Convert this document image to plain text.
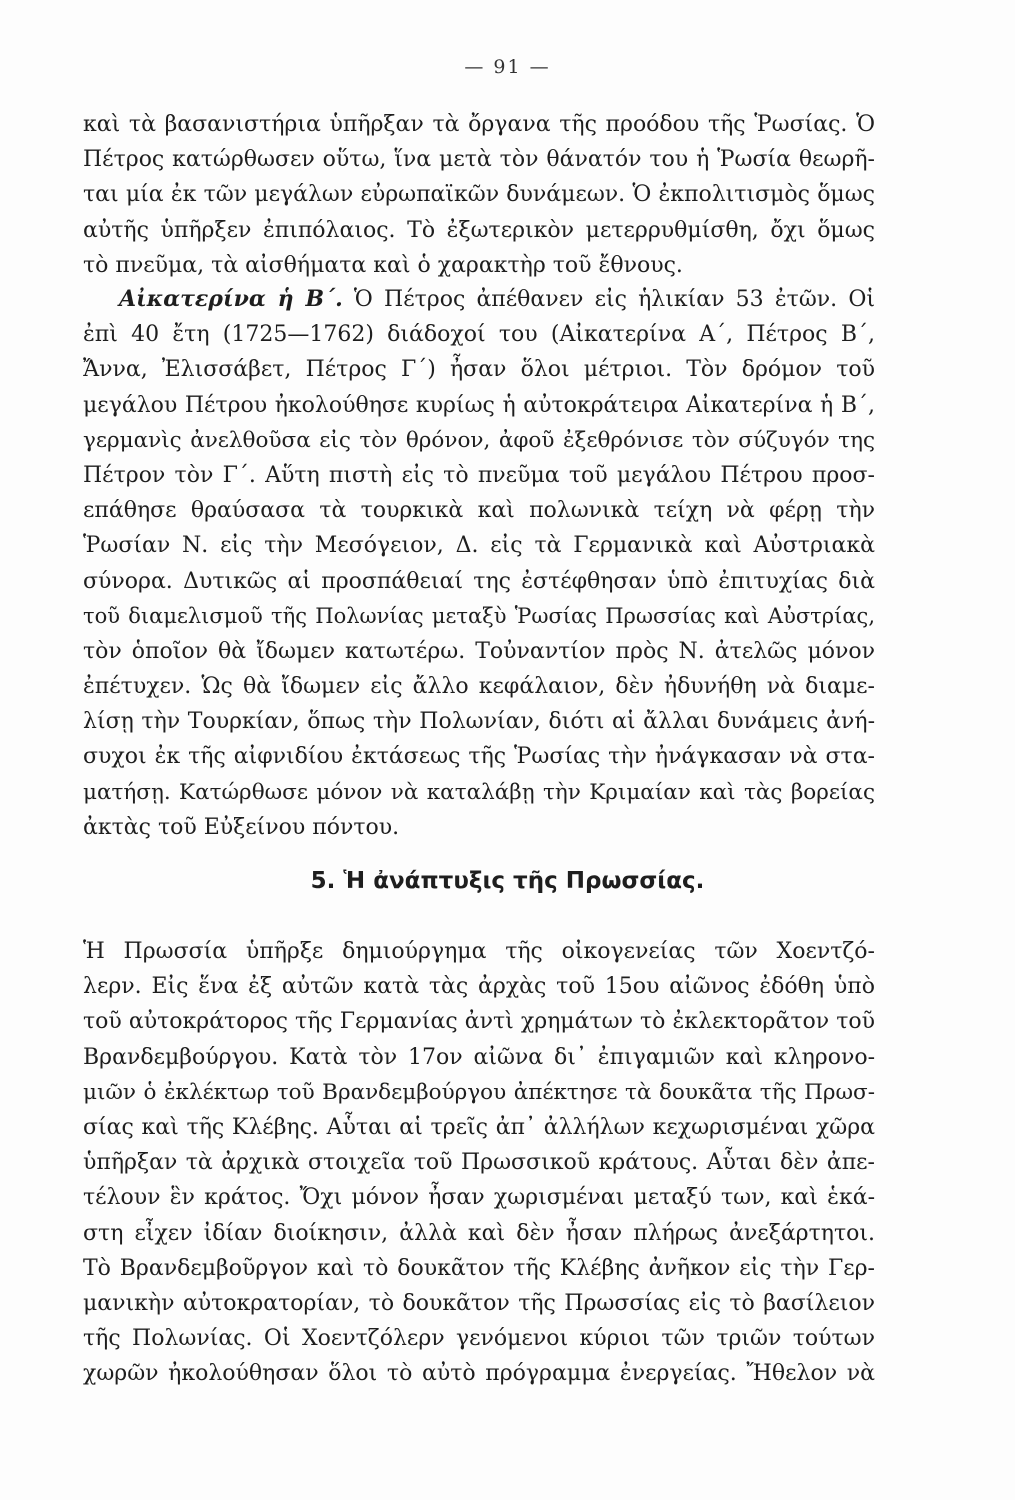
— 91 —
καὶ τὰ βασανιστήρια ὑπῆρξαν τὰ ὄργανα τῆς προόδου τῆς Ῥωσίας. Ὁ
Πέτρος κατώρθωσεν οὕτω, ἵνα μετὰ τὸν θάνατόν του ἡ Ῥωσία θεωρῆ-
ται μία ἐκ τῶν μεγάλων εὐρωπαϊκῶν δυνάμεων. Ὁ ἐκπολιτισμὸς ὅμως
αὐτῆς ὑπῆρξεν ἐπιπόλαιος. Τὸ ἐξωτερικὸν μετερρυθμίσθη, ὄχι ὅμως
τὸ πνεῦμα, τὰ αἰσθήματα καὶ ὁ χαρακτὴρ τοῦ ἔθνους.
Αἰκατερίνα ἡ Β΄. Ὁ Πέτρος ἀπέθανεν εἰς ἡλικίαν 53 ἐτῶν. Οἱ
ἐπὶ 40 ἔτη (1725—1762) διάδοχοί του (Αἰκατερίνα Α΄, Πέτρος Β΄,
Ἄννα, Ἐλισσάβετ, Πέτρος Γ΄) ἦσαν ὅλοι μέτριοι. Τὸν δρόμον τοῦ
μεγάλου Πέτρου ἠκολούθησε κυρίως ἡ αὐτοκράτειρα Αἰκατερίνα ἡ Β΄,
γερμανὶς ἀνελθοῦσα εἰς τὸν θρόνον, ἀφοῦ ἐξεθρόνισε τὸν σύζυγόν της
Πέτρον τὸν Γ΄. Αὕτη πιστὴ εἰς τὸ πνεῦμα τοῦ μεγάλου Πέτρου προσ-
επάθησε θραύσασα τὰ τουρκικὰ καὶ πολωνικὰ τείχη νὰ φέρῃ τὴν
Ῥωσίαν Ν. εἰς τὴν Μεσόγειον, Δ. εἰς τὰ Γερμανικὰ καὶ Αὐστριακὰ
σύνορα. Δυτικῶς αἱ προσπάθειαί της ἐστέφθησαν ὑπὸ ἐπιτυχίας διὰ
τοῦ διαμελισμοῦ τῆς Πολωνίας μεταξὺ Ῥωσίας Πρωσσίας καὶ Αὐστρίας,
τὸν ὁποῖον θὰ ἴδωμεν κατωτέρω. Τοὐναντίον πρὸς Ν. ἀτελῶς μόνον
ἐπέτυχεν. Ὡς θὰ ἴδωμεν εἰς ἄλλο κεφάλαιον, δὲν ἠδυνήθη νὰ διαμε-
λίσῃ τὴν Τουρκίαν, ὅπως τὴν Πολωνίαν, διότι αἱ ἄλλαι δυνάμεις ἀνή-
συχοι ἐκ τῆς αἰφνιδίου ἐκτάσεως τῆς Ῥωσίας τὴν ἠνάγκασαν νὰ στα-
ματήσῃ. Κατώρθωσε μόνον νὰ καταλάβῃ τὴν Κριμαίαν καὶ τὰς βορείας
ἀκτὰς τοῦ Εὐξείνου πόντου.
5. Ἡ ἀνάπτυξις τῆς Πρωσσίας.
Ἡ Πρωσσία ὑπῆρξε δημιούργημα τῆς οἰκογενείας τῶν Χοεντζό-
λερν. Εἰς ἕνα ἐξ αὐτῶν κατὰ τὰς ἀρχὰς τοῦ 15ου αἰῶνος ἐδόθη ὑπὸ
τοῦ αὐτοκράτορος τῆς Γερμανίας ἀντὶ χρημάτων τὸ ἐκλεκτορᾶτον τοῦ
Βρανδεμβούργου. Κατὰ τὸν 17ον αἰῶνα δι᾽ ἐπιγαμιῶν καὶ κληρονο-
μιῶν ὁ ἐκλέκτωρ τοῦ Βρανδεμβούργου ἀπέκτησε τὰ δουκᾶτα τῆς Πρωσ-
σίας καὶ τῆς Κλέβης. Αὗται αἱ τρεῖς ἀπ᾽ ἀλλήλων κεχωρισμέναι χῶρα
ὑπῆρξαν τὰ ἀρχικὰ στοιχεῖα τοῦ Πρωσσικοῦ κράτους. Αὗται δὲν ἀπε-
τέλουν ἓν κράτος. Ὄχι μόνον ἦσαν χωρισμέναι μεταξύ των, καὶ ἑκά-
στη εἶχεν ἰδίαν διοίκησιν, ἀλλὰ καὶ δὲν ἦσαν πλήρως ἀνεξάρτητοι.
Τὸ Βρανδεμβοῦργον καὶ τὸ δουκᾶτον τῆς Κλέβης ἀνῆκον εἰς τὴν Γερ-
μανικὴν αὐτοκρατορίαν, τὸ δουκᾶτον τῆς Πρωσσίας εἰς τὸ βασίλειον
τῆς Πολωνίας. Οἱ Χοεντζόλερν γενόμενοι κύριοι τῶν τριῶν τούτων
χωρῶν ἠκολούθησαν ὅλοι τὸ αὐτὸ πρόγραμμα ἐνεργείας. Ἤθελον νὰ
